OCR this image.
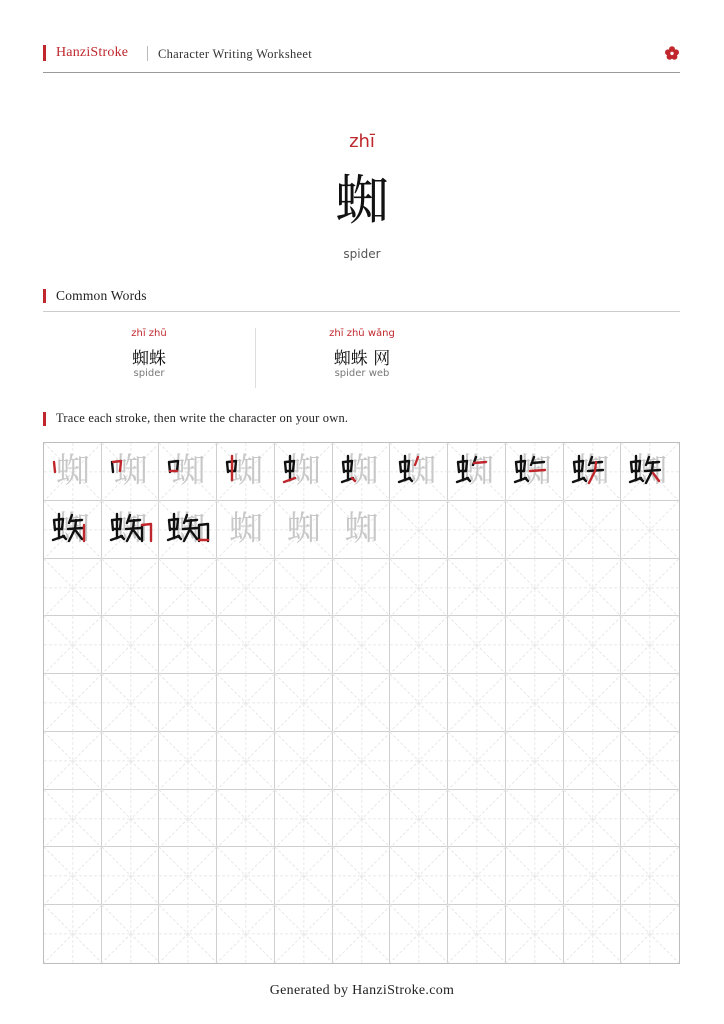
HanziStroke Character Writing Worksheet
zhī
蜘
spider
Common Words
zhī zhū
蜘蛛
spider
zhī zhū wǎng
蜘蛛 网
spider web
Trace each stroke, then write the character on your own.
蜘 蜘 蜘 蜘 蜘 蜘 蜘 蜘 蜘 蜘 蜘
蜘 蜘 蜘 蜘 蜘 蜘
Generated by HanziStroke.com
